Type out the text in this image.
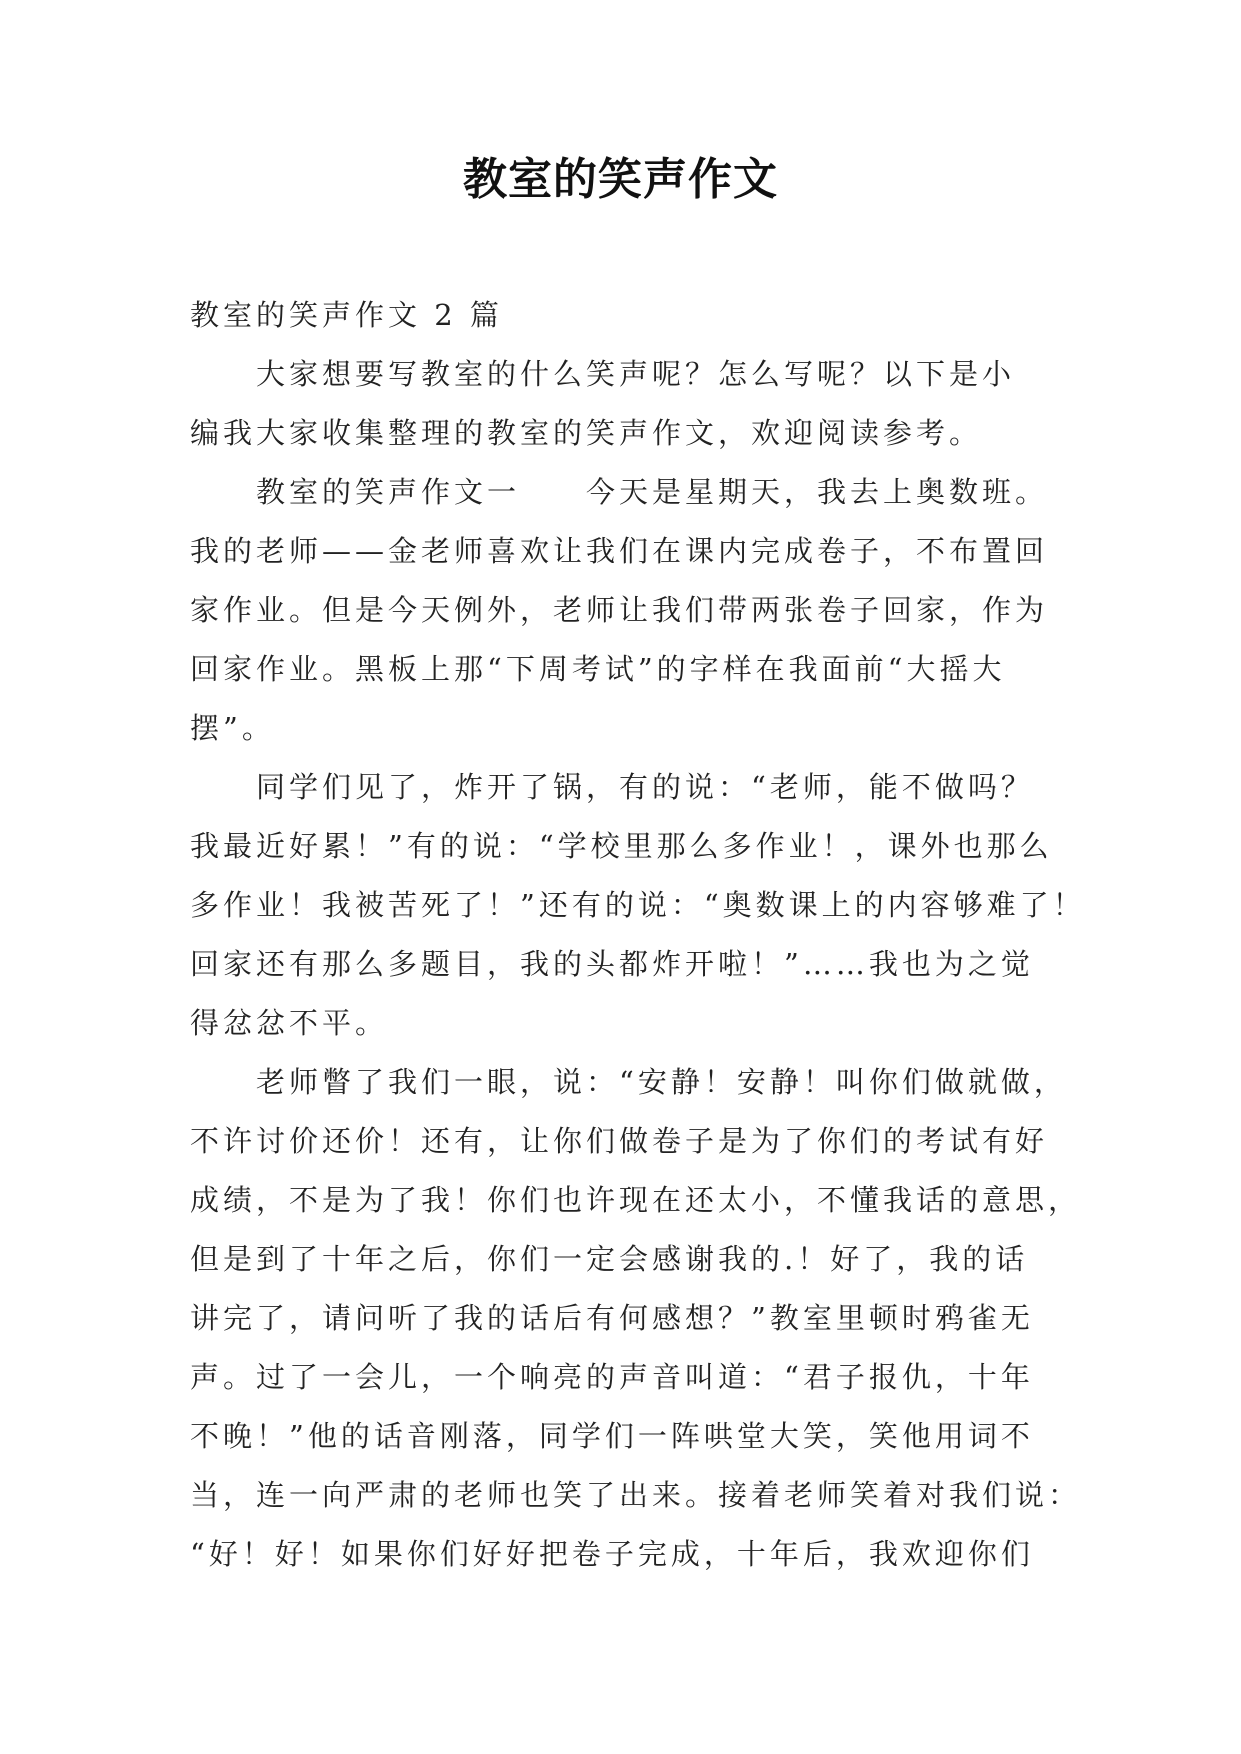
教室的笑声作文

教室的笑声作文 2 篇

大家想要写教室的什么笑声呢？怎么写呢？以下是小
编我大家收集整理的教室的笑声作文，欢迎阅读参考。
教室的笑声作文一　　今天是星期天，我去上奥数班。
我的老师——金老师喜欢让我们在课内完成卷子，不布置回
家作业。但是今天例外，老师让我们带两张卷子回家，作为
回家作业。黑板上那“下周考试”的字样在我面前“大摇大
摆”。
同学们见了，炸开了锅，有的说：“老师，能不做吗？
我最近好累！”有的说：“学校里那么多作业！，课外也那么
多作业！我被苦死了！”还有的说：“奥数课上的内容够难了！
回家还有那么多题目，我的头都炸开啦！”……我也为之觉
得忿忿不平。
老师瞥了我们一眼，说：“安静！安静！叫你们做就做，
不许讨价还价！还有，让你们做卷子是为了你们的考试有好
成绩，不是为了我！你们也许现在还太小，不懂我话的意思，
但是到了十年之后，你们一定会感谢我的.！好了，我的话
讲完了，请问听了我的话后有何感想？”教室里顿时鸦雀无
声。过了一会儿，一个响亮的声音叫道：“君子报仇，十年
不晚！”他的话音刚落，同学们一阵哄堂大笑，笑他用词不
当，连一向严肃的老师也笑了出来。接着老师笑着对我们说：
“好！好！如果你们好好把卷子完成，十年后，我欢迎你们
